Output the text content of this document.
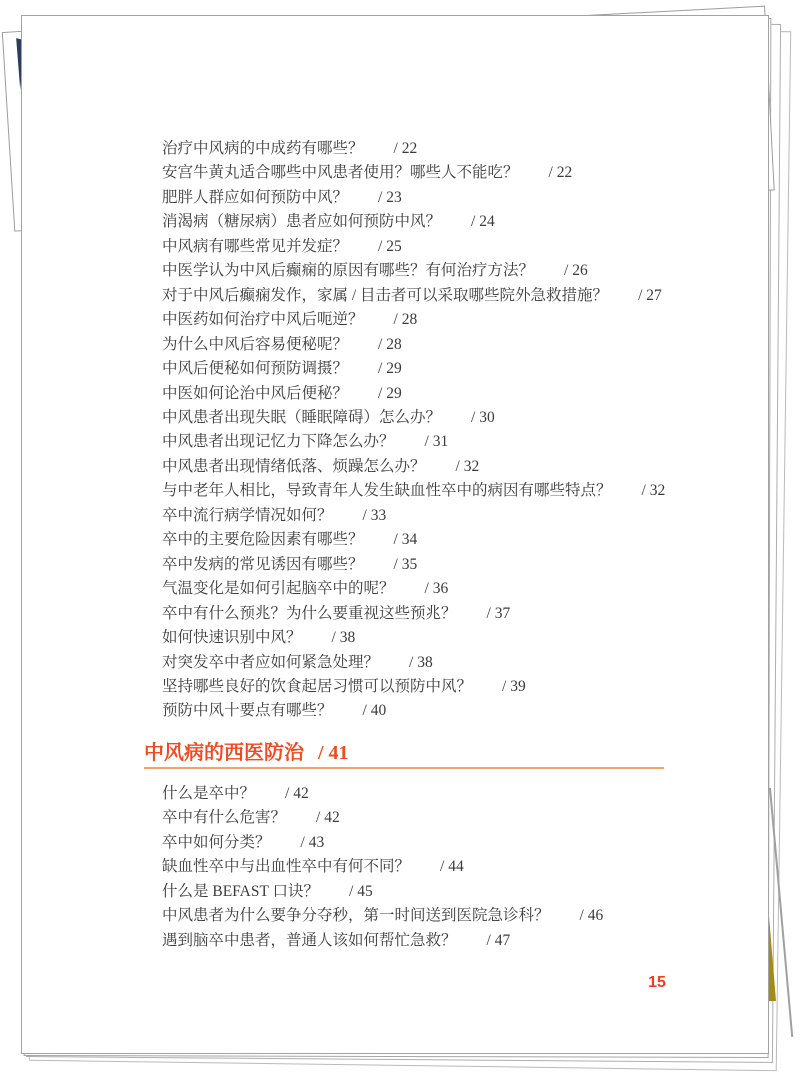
治疗中风病的中成药有哪些？ / 22
安宫牛黄丸适合哪些中风患者使用？哪些人不能吃？ / 22
肥胖人群应如何预防中风？ / 23
消渴病（糖尿病）患者应如何预防中风？ / 24
中风病有哪些常见并发症？ / 25
中医学认为中风后癫痫的原因有哪些？有何治疗方法？ / 26
对于中风后癫痫发作，家属 / 目击者可以采取哪些院外急救措施？ / 27
中医药如何治疗中风后呃逆？ / 28
为什么中风后容易便秘呢？ / 28
中风后便秘如何预防调摄？ / 29
中医如何论治中风后便秘？ / 29
中风患者出现失眠（睡眠障碍）怎么办？ / 30
中风患者出现记忆力下降怎么办？ / 31
中风患者出现情绪低落、烦躁怎么办？ / 32
与中老年人相比，导致青年人发生缺血性卒中的病因有哪些特点？ / 32
卒中流行病学情况如何？ / 33
卒中的主要危险因素有哪些？ / 34
卒中发病的常见诱因有哪些？ / 35
气温变化是如何引起脑卒中的呢？ / 36
卒中有什么预兆？为什么要重视这些预兆？ / 37
如何快速识别中风？ / 38
对突发卒中者应如何紧急处理？ / 38
坚持哪些良好的饮食起居习惯可以预防中风？ / 39
预防中风十要点有哪些？ / 40
中风病的西医防治 / 41
什么是卒中？ / 42
卒中有什么危害？ / 42
卒中如何分类？ / 43
缺血性卒中与出血性卒中有何不同？ / 44
什么是 BEFAST 口诀？ / 45
中风患者为什么要争分夺秒，第一时间送到医院急诊科？ / 46
遇到脑卒中患者，普通人该如何帮忙急救？ / 47
15
